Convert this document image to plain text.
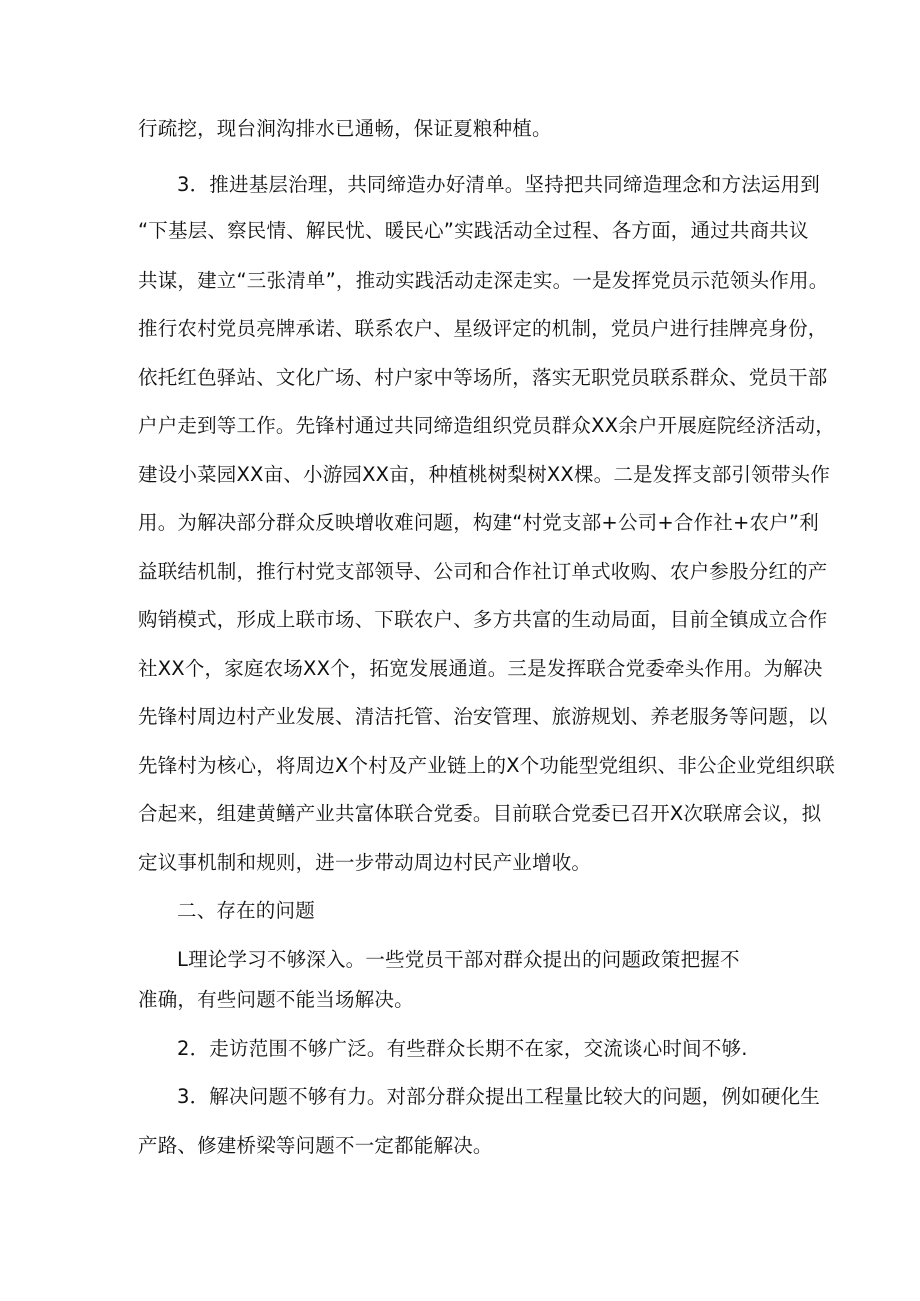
行疏挖，现台涧沟排水已通畅，保证夏粮种植。
3．推进基层治理，共同缔造办好清单。坚持把共同缔造理念和方法运用到
“下基层、察民情、解民忧、暖民心”实践活动全过程、各方面，通过共商共议
共谋，建立“三张清单”，推动实践活动走深走实。一是发挥党员示范领头作用。
推行农村党员亮牌承诺、联系农户、星级评定的机制，党员户进行挂牌亮身份，
依托红色驿站、文化广场、村户家中等场所，落实无职党员联系群众、党员干部
户户走到等工作。先锋村通过共同缔造组织党员群众XX余户开展庭院经济活动，
建设小菜园XX亩、小游园XX亩，种植桃树梨树XX棵。二是发挥支部引领带头作
用。为解决部分群众反映增收难问题，构建“村党支部+公司+合作社+农户”利
益联结机制，推行村党支部领导、公司和合作社订单式收购、农户参股分红的产
购销模式，形成上联市场、下联农户、多方共富的生动局面，目前全镇成立合作
社XX个，家庭农场XX个，拓宽发展通道。三是发挥联合党委牵头作用。为解决
先锋村周边村产业发展、清洁托管、治安管理、旅游规划、养老服务等问题，以
先锋村为核心，将周边X个村及产业链上的X个功能型党组织、非公企业党组织联
合起来，组建黄鳝产业共富体联合党委。目前联合党委已召开X次联席会议，拟
定议事机制和规则，进一步带动周边村民产业增收。
二、存在的问题
L理论学习不够深入。一些党员干部对群众提出的问题政策把握不
准确，有些问题不能当场解决。
2．走访范围不够广泛。有些群众长期不在家，交流谈心时间不够.
3．解决问题不够有力。对部分群众提出工程量比较大的问题，例如硬化生
产路、修建桥梁等问题不一定都能解决。
